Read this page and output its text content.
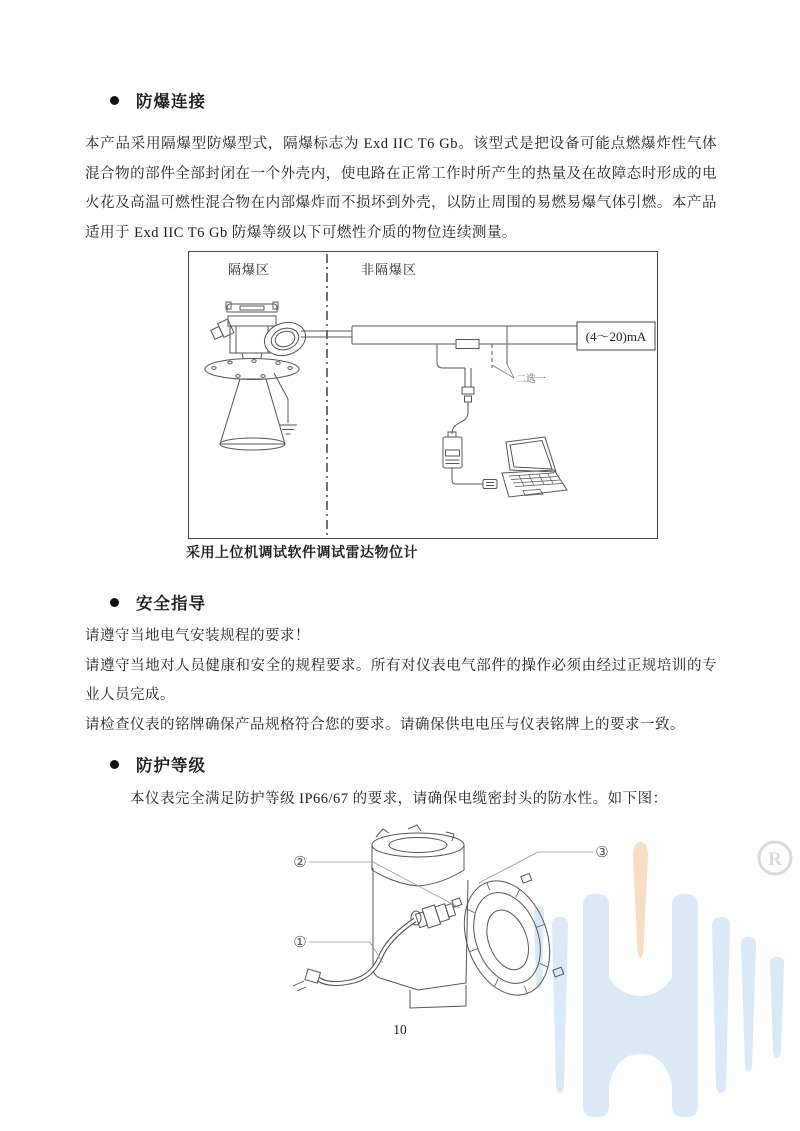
R
防爆连接
本产品采用隔爆型防爆型式，隔爆标志为 Exd IIC T6 Gb。该型式是把设备可能点燃爆炸性气体混合物的部件全部封闭在一个外壳内，使电路在正常工作时所产生的热量及在故障态时形成的电火花及高温可燃性混合物在内部爆炸而不损坏到外壳，以防止周围的易燃易爆气体引燃。本产品适用于 Exd IIC T6 Gb 防爆等级以下可燃性介质的物位连续测量。
隔爆区	非隔爆区
(4～20)mA
二选一
采用上位机调试软件调试雷达物位计
安全指导

请遵守当地电气安装规程的要求！

请遵守当地对人员健康和安全的规程要求。所有对仪表电气部件的操作必须由经过正规培训的专业人员完成。

请检查仪表的铭牌确保产品规格符合您的要求。请确保供电电压与仪表铭牌上的要求一致。

防护等级
本仪表完全满足防护等级 IP66/67 的要求，请确保电缆密封头的防水性。如下图：
②
①
③
10
